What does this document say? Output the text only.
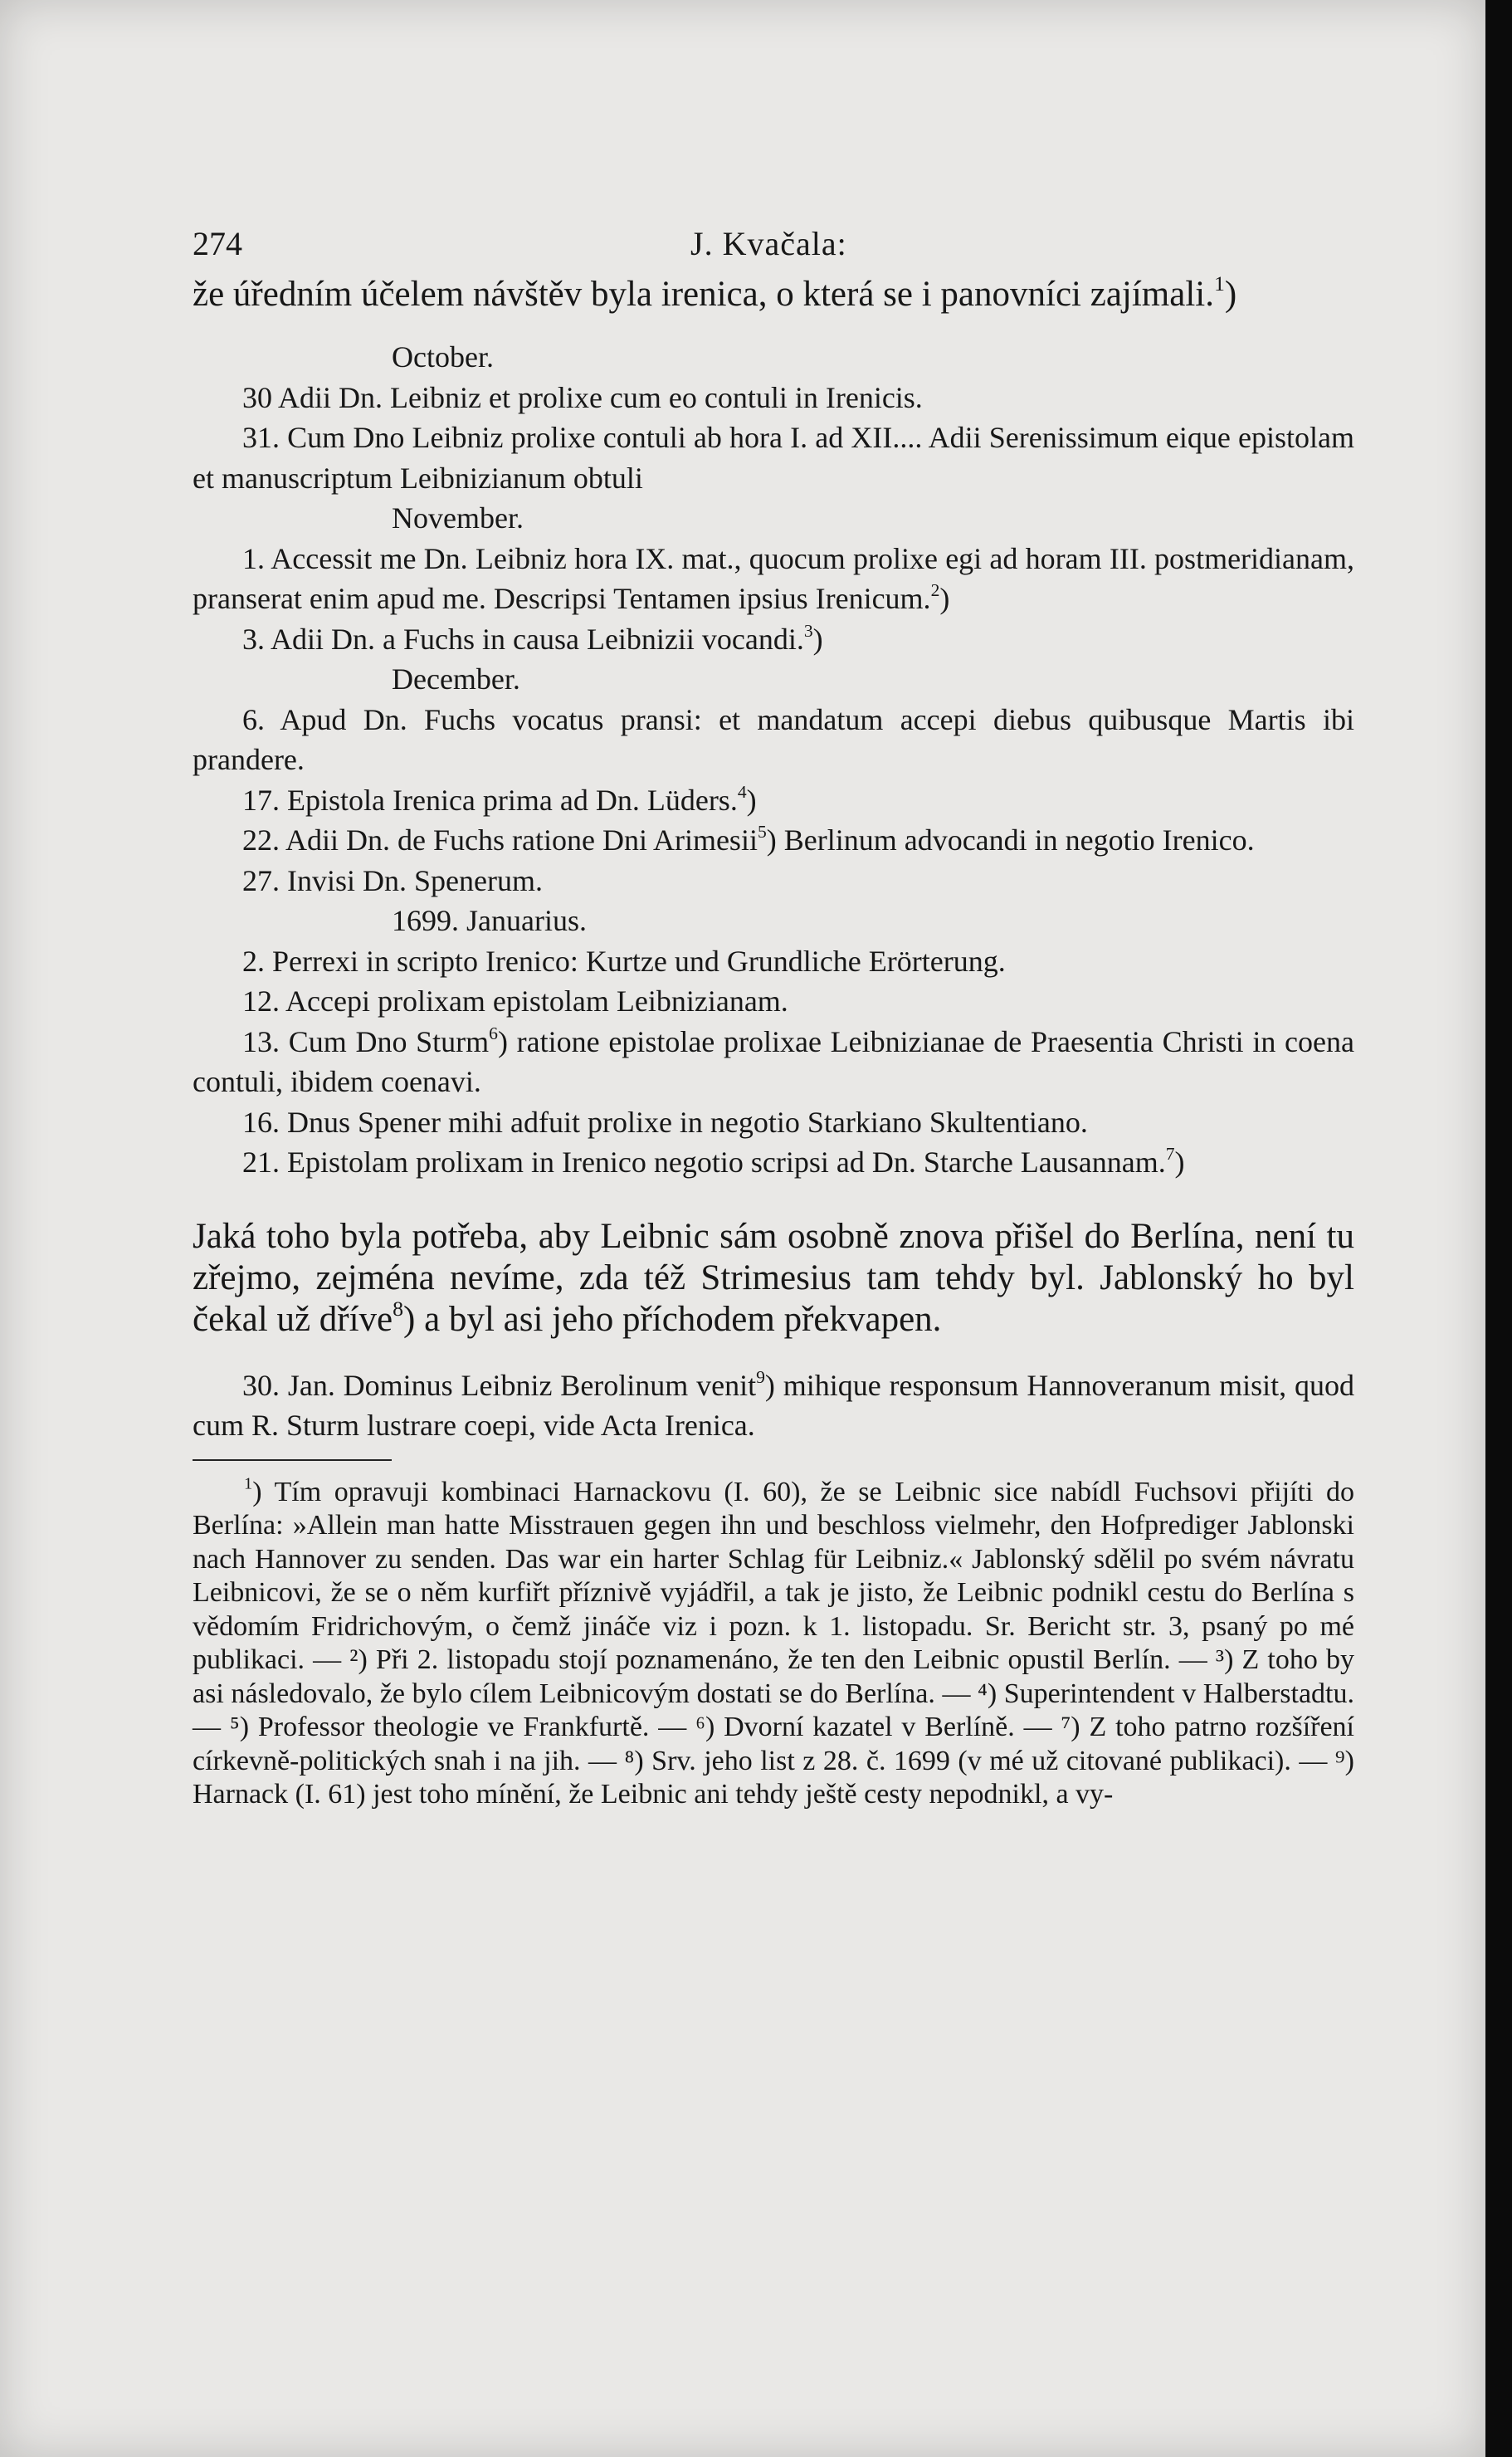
274	J. Kvačala:

že úředním účelem návštěv byla irenica, o která se i panovníci zajímali.$^1$)

October.

30 Adii Dn. Leibniz et prolixe cum eo contuli in Irenicis.

31. Cum Dno Leibniz prolixe contuli ab hora I. ad XII.... Adii Serenissimum eique epistolam et manuscriptum Leibnizianum obtuli

November.

1. Accessit me Dn. Leibniz hora IX. mat., quocum prolixe egi ad horam III. postmeridianam, pranserat enim apud me. Descripsi Tentamen ipsius Irenicum.$^2$)

3. Adii Dn. a Fuchs in causa Leibnizii vocandi.$^3$)

December.

6. Apud Dn. Fuchs vocatus pransi: et mandatum accepi diebus quibusque Martis ibi prandere.

17. Epistola Irenica prima ad Dn. Lüders.$^4$)

22. Adii Dn. de Fuchs ratione Dni Arimesii$^5$) Berlinum advocandi in negotio Irenico.

27. Invisi Dn. Spenerum.

1699. Januarius.

2. Perrexi in scripto Irenico: Kurtze und Grundliche Erörterung.

12. Accepi prolixam epistolam Leibnizianam.

13. Cum Dno Sturm$^6$) ratione epistolae prolixae Leibnizianae de Praesentia Christi in coena contuli, ibidem coenavi.

16. Dnus Spener mihi adfuit prolixe in negotio Starkiano Skultentiano.

21. Epistolam prolixam in Irenico negotio scripsi ad Dn. Starche Lausannam.$^7$)

Jaká toho byla potřeba, aby Leibnic sám osobně znova přišel do Berlína, není tu zřejmo, zejména nevíme, zda též Strimesius tam tehdy byl. Jablonský ho byl čekal už dříve$^8$) a byl asi jeho příchodem překvapen.

30. Jan. Dominus Leibniz Berolinum venit$^9$) mihique responsum Hannoveranum misit, quod cum R. Sturm lustrare coepi, vide Acta Irenica.

$^1$) Tím opravuji kombinaci Harnackovu (I. 60), že se Leibnic sice nabídl Fuchsovi přijíti do Berlína: »Allein man hatte Misstrauen gegen ihn und beschloss vielmehr, den Hofprediger Jablonski nach Hannover zu senden. Das war ein harter Schlag für Leibniz.« Jablonský sdělil po svém návratu Leibnicovi, že se o něm kurfiřt příznivě vyjádřil, a tak je jisto, že Leibnic podnikl cestu do Berlína s vědomím Fridrichovým, o čemž jináče viz i pozn. k 1. listopadu. Sr. Bericht str. 3, psaný po mé publikaci. — ²) Při 2. listopadu stojí poznamenáno, že ten den Leibnic opustil Berlín. — ³) Z toho by asi následovalo, že bylo cílem Leibnicovým dostati se do Berlína. — ⁴) Superintendent v Halberstadtu. — ⁵) Professor theologie ve Frankfurtě. — ⁶) Dvorní kazatel v Berlíně. — ⁷) Z toho patrno rozšíření církevně-politických snah i na jih. — ⁸) Srv. jeho list z 28. č. 1699 (v mé už citované publikaci). — ⁹) Harnack (I. 61) jest toho mínění, že Leibnic ani tehdy ještě cesty nepodnikl, a vy-
